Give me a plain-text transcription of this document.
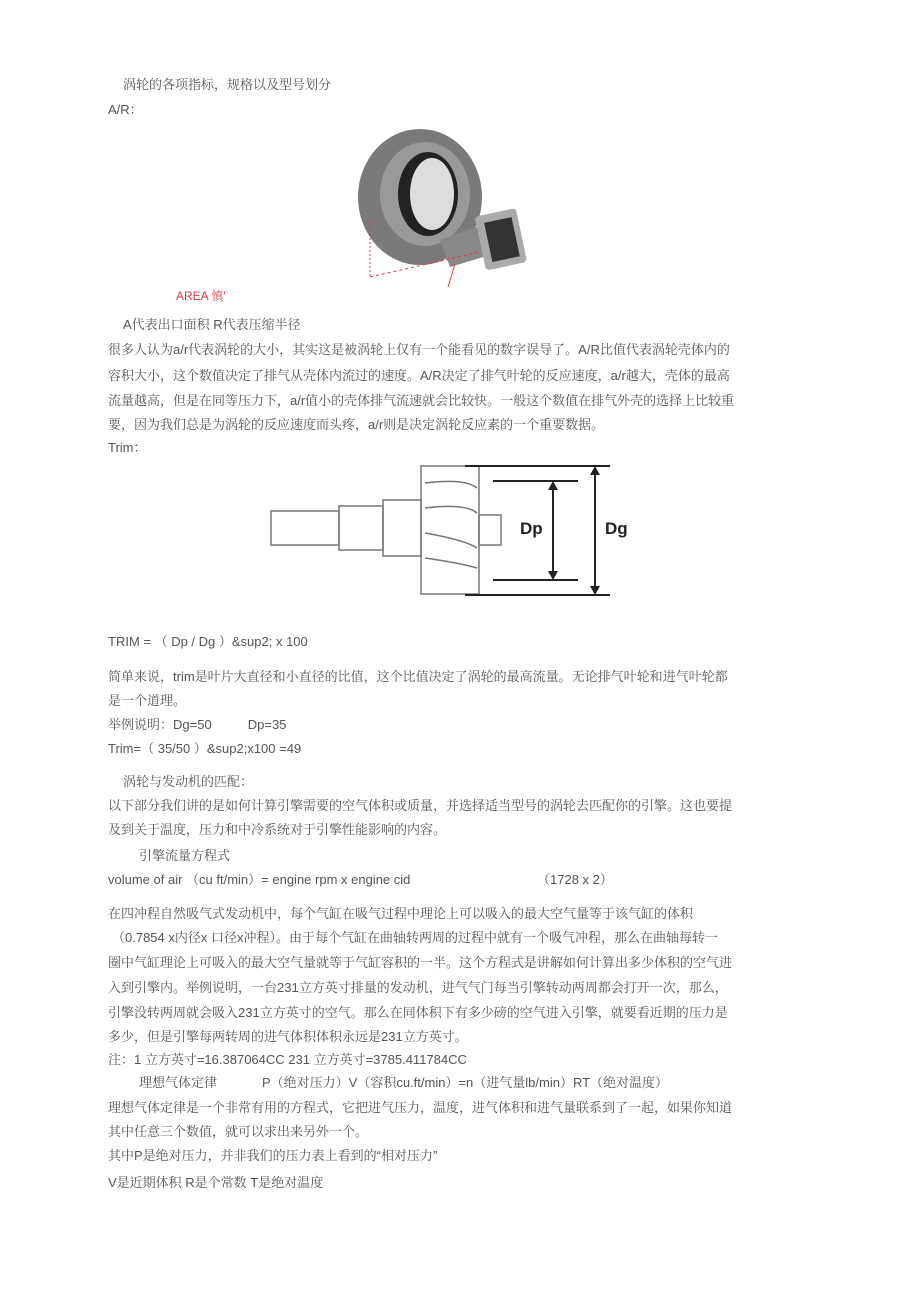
涡轮的各项指标，规格以及型号划分
A/R：
AREA 慎'
A代表出口面积 R代表压缩半径
很多人认为a/r代表涡轮的大小，其实这是被涡轮上仅有一个能看见的数字误导了。A/R比值代表涡轮壳体内的
容积大小，这个数值决定了排气从壳体内流过的速度。A/R决定了排气叶轮的反应速度，a/r越大，壳体的最高
流量越高，但是在同等压力下，a/r值小的壳体排气流速就会比较快。一般这个数值在排气外壳的选择上比较重
要，因为我们总是为涡轮的反应速度而头疼，a/r则是决定涡轮反应素的一个重要数据。
Trim：
Dp	Dg
TRIM = （ Dp / Dg ）&sup2; x 100
简单来说，trim是叶片大直径和小直径的比值，这个比值决定了涡轮的最高流量。无论排气叶轮和进气叶轮都
是一个道理。
举例说明：Dg=50          Dp=35
Trim=（ 35/50 ）&sup2;x100 =49
涡轮与发动机的匹配：
以下部分我们讲的是如何计算引擎需要的空气体积或质量，并选择适当型号的涡轮去匹配你的引擎。这也要提
及到关于温度，压力和中冷系统对于引擎性能影响的内容。
引擎流量方程式
volume of air （cu ft/min）= engine rpm x engine cid	（1728 x 2）
在四冲程自然吸气式发动机中，每个气缸在吸气过程中理论上可以吸入的最大空气量等于该气缸的体积
（0.7854 x内径x 口径x冲程）。由于每个气缸在曲轴转两周的过程中就有一个吸气冲程，那么在曲轴每转一
圈中气缸理论上可吸入的最大空气量就等于气缸容积的一半。这个方程式是讲解如何计算出多少体积的空气进
入到引擎内。举例说明，一台231立方英寸排量的发动机，进气气门每当引擎转动两周都会打开一次，那么，
引擎没转两周就会吸入231立方英寸的空气。那么在同体积下有多少磅的空气进入引擎，就要看近期的压力是
多少，但是引擎每两转周的进气体积体积永远是231立方英寸。
注：1 立方英寸=16.387064CC 231 立方英寸=3785.411784CC
理想气体定律	P（绝对压力）V（容积cu.ft/min）=n（进气量lb/min）RT（绝对温度）
理想气体定律是一个非常有用的方程式，它把进气压力，温度，进气体积和进气量联系到了一起，如果你知道
其中任意三个数值，就可以求出来另外一个。
其中P是绝对压力，并非我们的压力表上看到的“相对压力”
V是近期体积 R是个常数 T是绝对温度
